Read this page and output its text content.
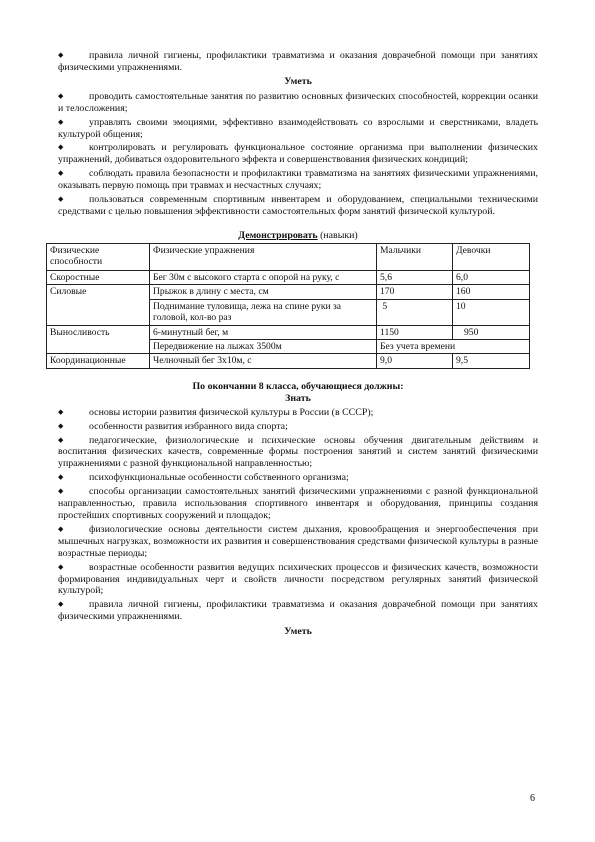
◆	правила личной гигиены, профилактики травматизма и оказания доврачебной помощи при занятиях физическими упражнениями.

Уметь

◆	проводить самостоятельные занятия по развитию основных физических способностей, коррекции осанки и телосложения;

◆	управлять своими эмоциями, эффективно взаимодействовать со взрослыми и сверстниками, владеть культурой общения;

◆	контролировать и регулировать функциональное состояние организма при выполнении физических упражнений, добиваться оздоровительного эффекта и совершенствования физических кондиций;

◆	соблюдать правила безопасности и профилактики травматизма на занятиях физическими упражнениями, оказывать первую помощь при травмах и несчастных случаях;

◆	пользоваться современным спортивным инвентарем и оборудованием, специальными техническими средствами с целью повышения эффективности самостоятельных форм занятий физической культурой.

Демонстрировать (навыки)

Физические способности	Физические упражнения	Мальчики	Девочки
Скоростные	Бег 30м с высокого старта с опорой на руку, с	5,6	6,0
Силовые	Прыжок в длину с места, см	170	160
	Поднимание туловища, лежа на спине руки за головой, кол-во раз	5	10
Выносливость	6-минутный бег, м	1150	950
	Передвижение на лыжах 3500м	Без учета времени	
Координационные	Челночный бег 3х10м, с	9,0	9,5

По окончании 8 класса, обучающиеся должны:

Знать

◆	основы истории развития физической культуры в России (в СССР);

◆	особенности развития избранного вида спорта;

◆	педагогические, физиологические и психические основы обучения двигательным действиям и воспитания физических качеств, современные формы построения занятий и систем занятий физическими упражнениями с разной функциональной направленностью;

◆	психофункциональные особенности собственного организма;

◆	способы организации самостоятельных занятий физическими упражнениями с разной функциональной направленностью, правила использования спортивного инвентаря и оборудования, принципы создания простейших спортивных сооружений и площадок;

◆	физиологические основы деятельности систем дыхания, кровообращения и энергообеспечения при мышечных нагрузках, возможности их развития и совершенствования средствами физической культуры в разные возрастные периоды;

◆	возрастные особенности развития ведущих психических процессов и физических качеств, возможности формирования индивидуальных черт и свойств личности посредством регулярных занятий физической культурой;

◆	правила личной гигиены, профилактики травматизма и оказания доврачебной помощи при занятиях физическими упражнениями.

Уметь

6
